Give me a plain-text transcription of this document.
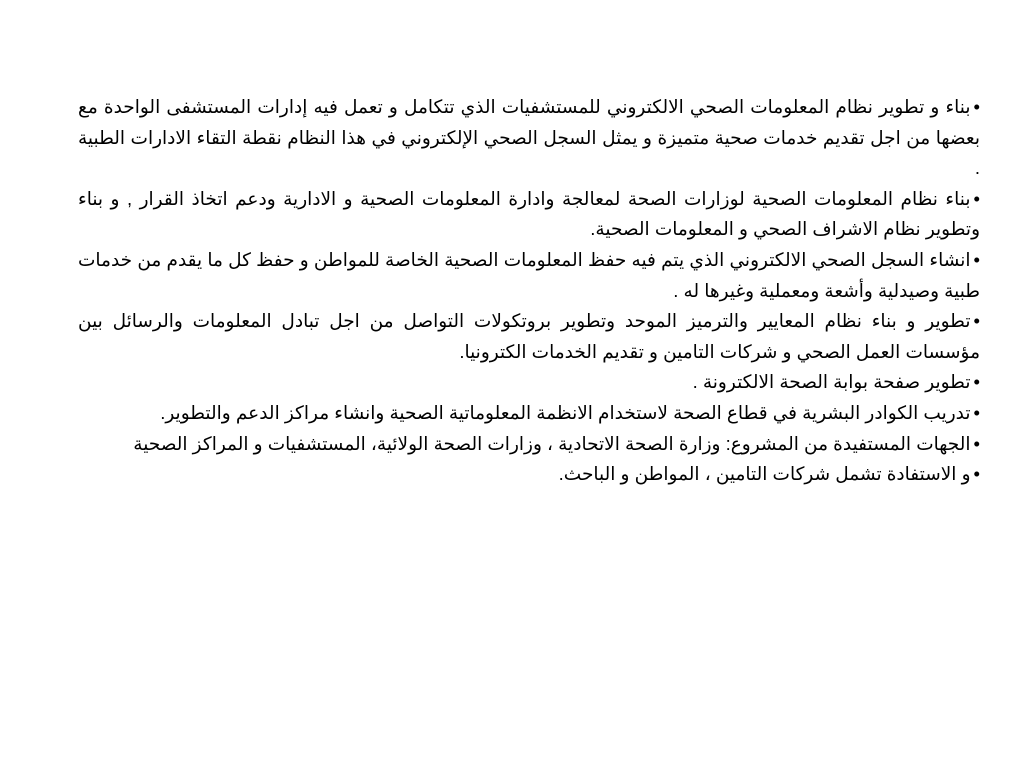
•بناء و تطوير نظام المعلومات الصحي الالكتروني للمستشفيات الذي تتكامل و تعمل فيه إدارات المستشفى الواحدة مع بعضها من اجل تقديم خدمات صحية متميزة و يمثل السجل الصحي الإلكتروني في هذا النظام نقطة التقاء الادارات الطبية .

•بناء نظام المعلومات الصحية لوزارات الصحة لمعالجة وادارة المعلومات الصحية و الادارية ودعم اتخاذ القرار , و بناء وتطوير نظام الاشراف الصحي و المعلومات الصحية.

•انشاء السجل الصحي الالكتروني الذي يتم فيه حفظ المعلومات الصحية الخاصة للمواطن و حفظ كل ما يقدم من خدمات طبية وصيدلية وأشعة ومعملية وغيرها له .

•تطوير و بناء نظام المعايير والترميز الموحد وتطوير بروتكولات التواصل من اجل تبادل المعلومات والرسائل بين مؤسسات العمل الصحي و شركات التامين و تقديم الخدمات الكترونيا.

•تطوير صفحة بوابة الصحة الالكترونة .

•تدريب الكوادر البشرية في قطاع الصحة لاستخدام الانظمة المعلوماتية الصحية وانشاء مراكز الدعم والتطوير.

•الجهات المستفيدة من المشروع: وزارة الصحة الاتحادية ، وزارات الصحة الولائية، المستشفيات و المراكز الصحية

•و الاستفادة تشمل شركات التامين ، المواطن و الباحث.
